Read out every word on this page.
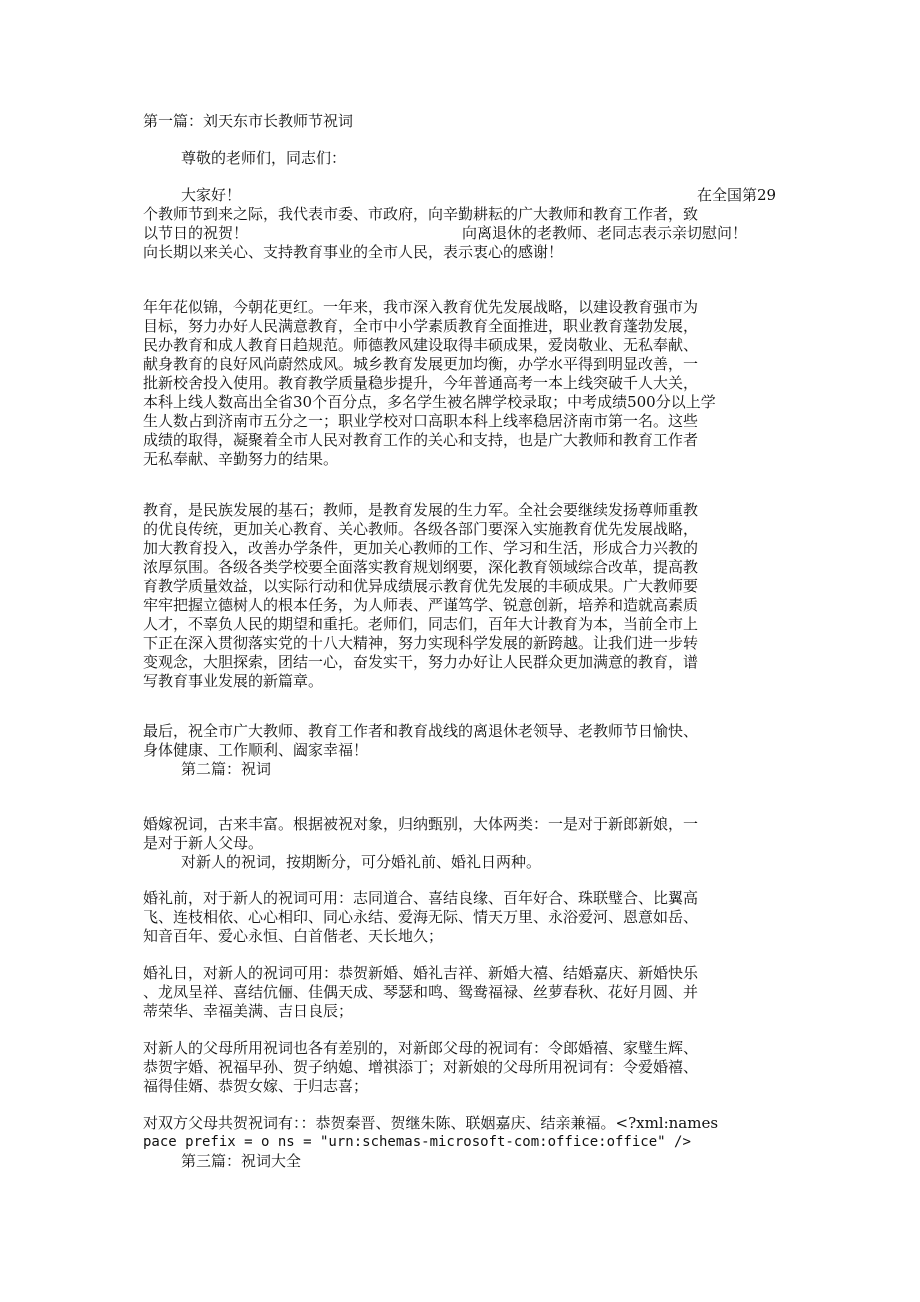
第一篇：刘天东市长教师节祝词
尊敬的老师们，同志们：
大家好！	在全国第29
个教师节到来之际，我代表市委、市政府，向辛勤耕耘的广大教师和教育工作者，致
以节日的祝贺！	向离退休的老教师、老同志表示亲切慰问！
向长期以来关心、支持教育事业的全市人民，表示衷心的感谢！
年年花似锦，今朝花更红。一年来，我市深入教育优先发展战略，以建设教育强市为
目标，努力办好人民满意教育，全市中小学素质教育全面推进，职业教育蓬勃发展，
民办教育和成人教育日趋规范。师德教风建设取得丰硕成果，爱岗敬业、无私奉献、
献身教育的良好风尚蔚然成风。城乡教育发展更加均衡，办学水平得到明显改善，一
批新校舍投入使用。教育教学质量稳步提升，今年普通高考一本上线突破千人大关，
本科上线人数高出全省30个百分点，多名学生被名牌学校录取；中考成绩500分以上学
生人数占到济南市五分之一；职业学校对口高职本科上线率稳居济南市第一名。这些
成绩的取得，凝聚着全市人民对教育工作的关心和支持，也是广大教师和教育工作者
无私奉献、辛勤努力的结果。
教育，是民族发展的基石；教师，是教育发展的生力军。全社会要继续发扬尊师重教
的优良传统，更加关心教育、关心教师。各级各部门要深入实施教育优先发展战略，
加大教育投入，改善办学条件，更加关心教师的工作、学习和生活，形成合力兴教的
浓厚氛围。各级各类学校要全面落实教育规划纲要，深化教育领域综合改革，提高教
育教学质量效益，以实际行动和优异成绩展示教育优先发展的丰硕成果。广大教师要
牢牢把握立德树人的根本任务，为人师表、严谨笃学、锐意创新，培养和造就高素质
人才，不辜负人民的期望和重托。老师们，同志们，百年大计教育为本，当前全市上
下正在深入贯彻落实党的十八大精神，努力实现科学发展的新跨越。让我们进一步转
变观念，大胆探索，团结一心，奋发实干，努力办好让人民群众更加满意的教育，谱
写教育事业发展的新篇章。
最后，祝全市广大教师、教育工作者和教育战线的离退休老领导、老教师节日愉快、
身体健康、工作顺利、阖家幸福！
第二篇：祝词
婚嫁祝词，古来丰富。根据被祝对象，归纳甄别，大体两类：一是对于新郎新娘，一
是对于新人父母。
对新人的祝词，按期断分，可分婚礼前、婚礼日两种。
婚礼前，对于新人的祝词可用：志同道合、喜结良缘、百年好合、珠联璧合、比翼高
飞、连枝相依、心心相印、同心永结、爱海无际、情天万里、永浴爱河、恩意如岳、
知音百年、爱心永恒、白首偕老、天长地久；
婚礼日，对新人的祝词可用：恭贺新婚、婚礼吉祥、新婚大禧、结婚嘉庆、新婚快乐
、龙凤呈祥、喜结伉俪、佳偶天成、琴瑟和鸣、鸳鸯福禄、丝萝春秋、花好月圆、并
蒂荣华、幸福美满、吉日良辰；
对新人的父母所用祝词也各有差别的，对新郎父母的祝词有：令郎婚禧、家璧生辉、
恭贺字婚、祝福早孙、贺子纳媳、增祺添丁；对新娘的父母所用祝词有：令爱婚禧、
福得佳婿、恭贺女嫁、于归志喜；
对双方父母共贺祝词有：：恭贺秦晋、贺继朱陈、联姻嘉庆、结亲兼福。<?xml:names
pace prefix = o ns = "urn:schemas-microsoft-com:office:office" />
第三篇：祝词大全
